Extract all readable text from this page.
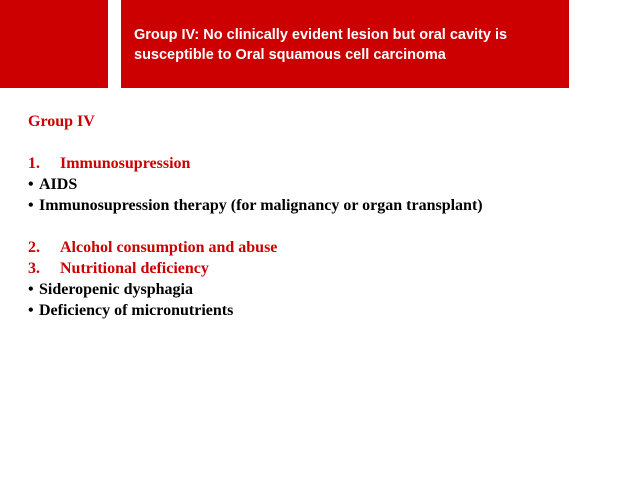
Group IV: No clinically evident lesion but oral cavity is susceptible to Oral squamous cell carcinoma

Group IV

1. Immunosupression

• AIDS

• Immunosupression therapy (for malignancy or organ transplant)

2. Alcohol consumption and abuse

3. Nutritional deficiency

• Sideropenic dysphagia

• Deficiency of micronutrients
